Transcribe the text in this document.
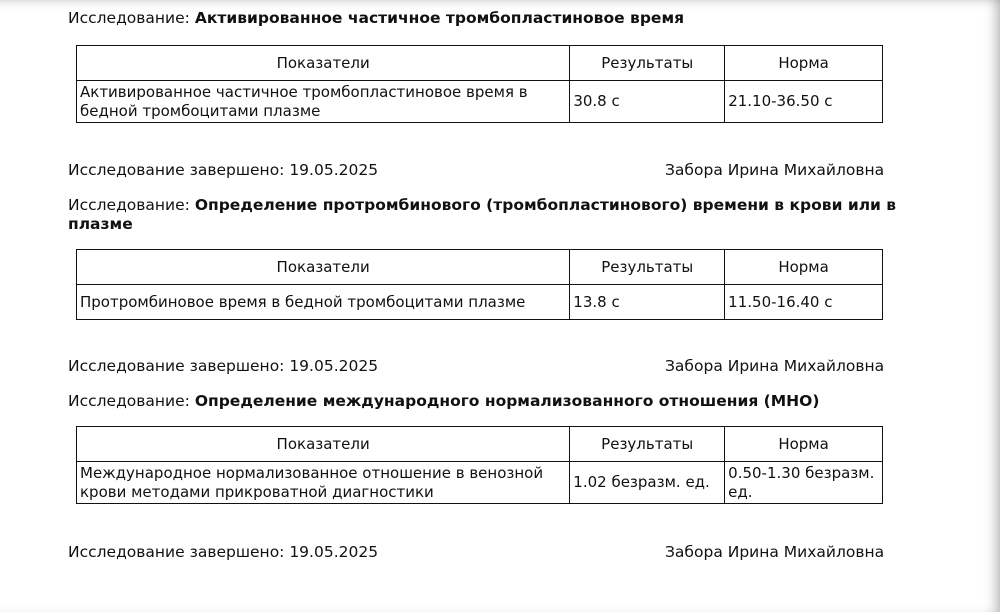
Исследование: Активированное частичное тромбопластиновое время
Показатели	Результаты	Норма
Активированное частичное тромбопластиновое время в бедной тромбоцитами плазме	30.8 с	21.10-36.50 с
Исследование завершено: 19.05.2025	Забора Ирина Михайловна
Исследование: Определение протромбинового (тромбопластинового) времени в крови или в плазме
Показатели	Результаты	Норма
Протромбиновое время в бедной тромбоцитами плазме	13.8 с	11.50-16.40 с
Исследование завершено: 19.05.2025	Забора Ирина Михайловна
Исследование: Определение международного нормализованного отношения (МНО)
Показатели	Результаты	Норма
Международное нормализованное отношение в венозной крови методами прикроватной диагностики	1.02 безразм. ед.	0.50-1.30 безразм. ед.
Исследование завершено: 19.05.2025	Забора Ирина Михайловна
